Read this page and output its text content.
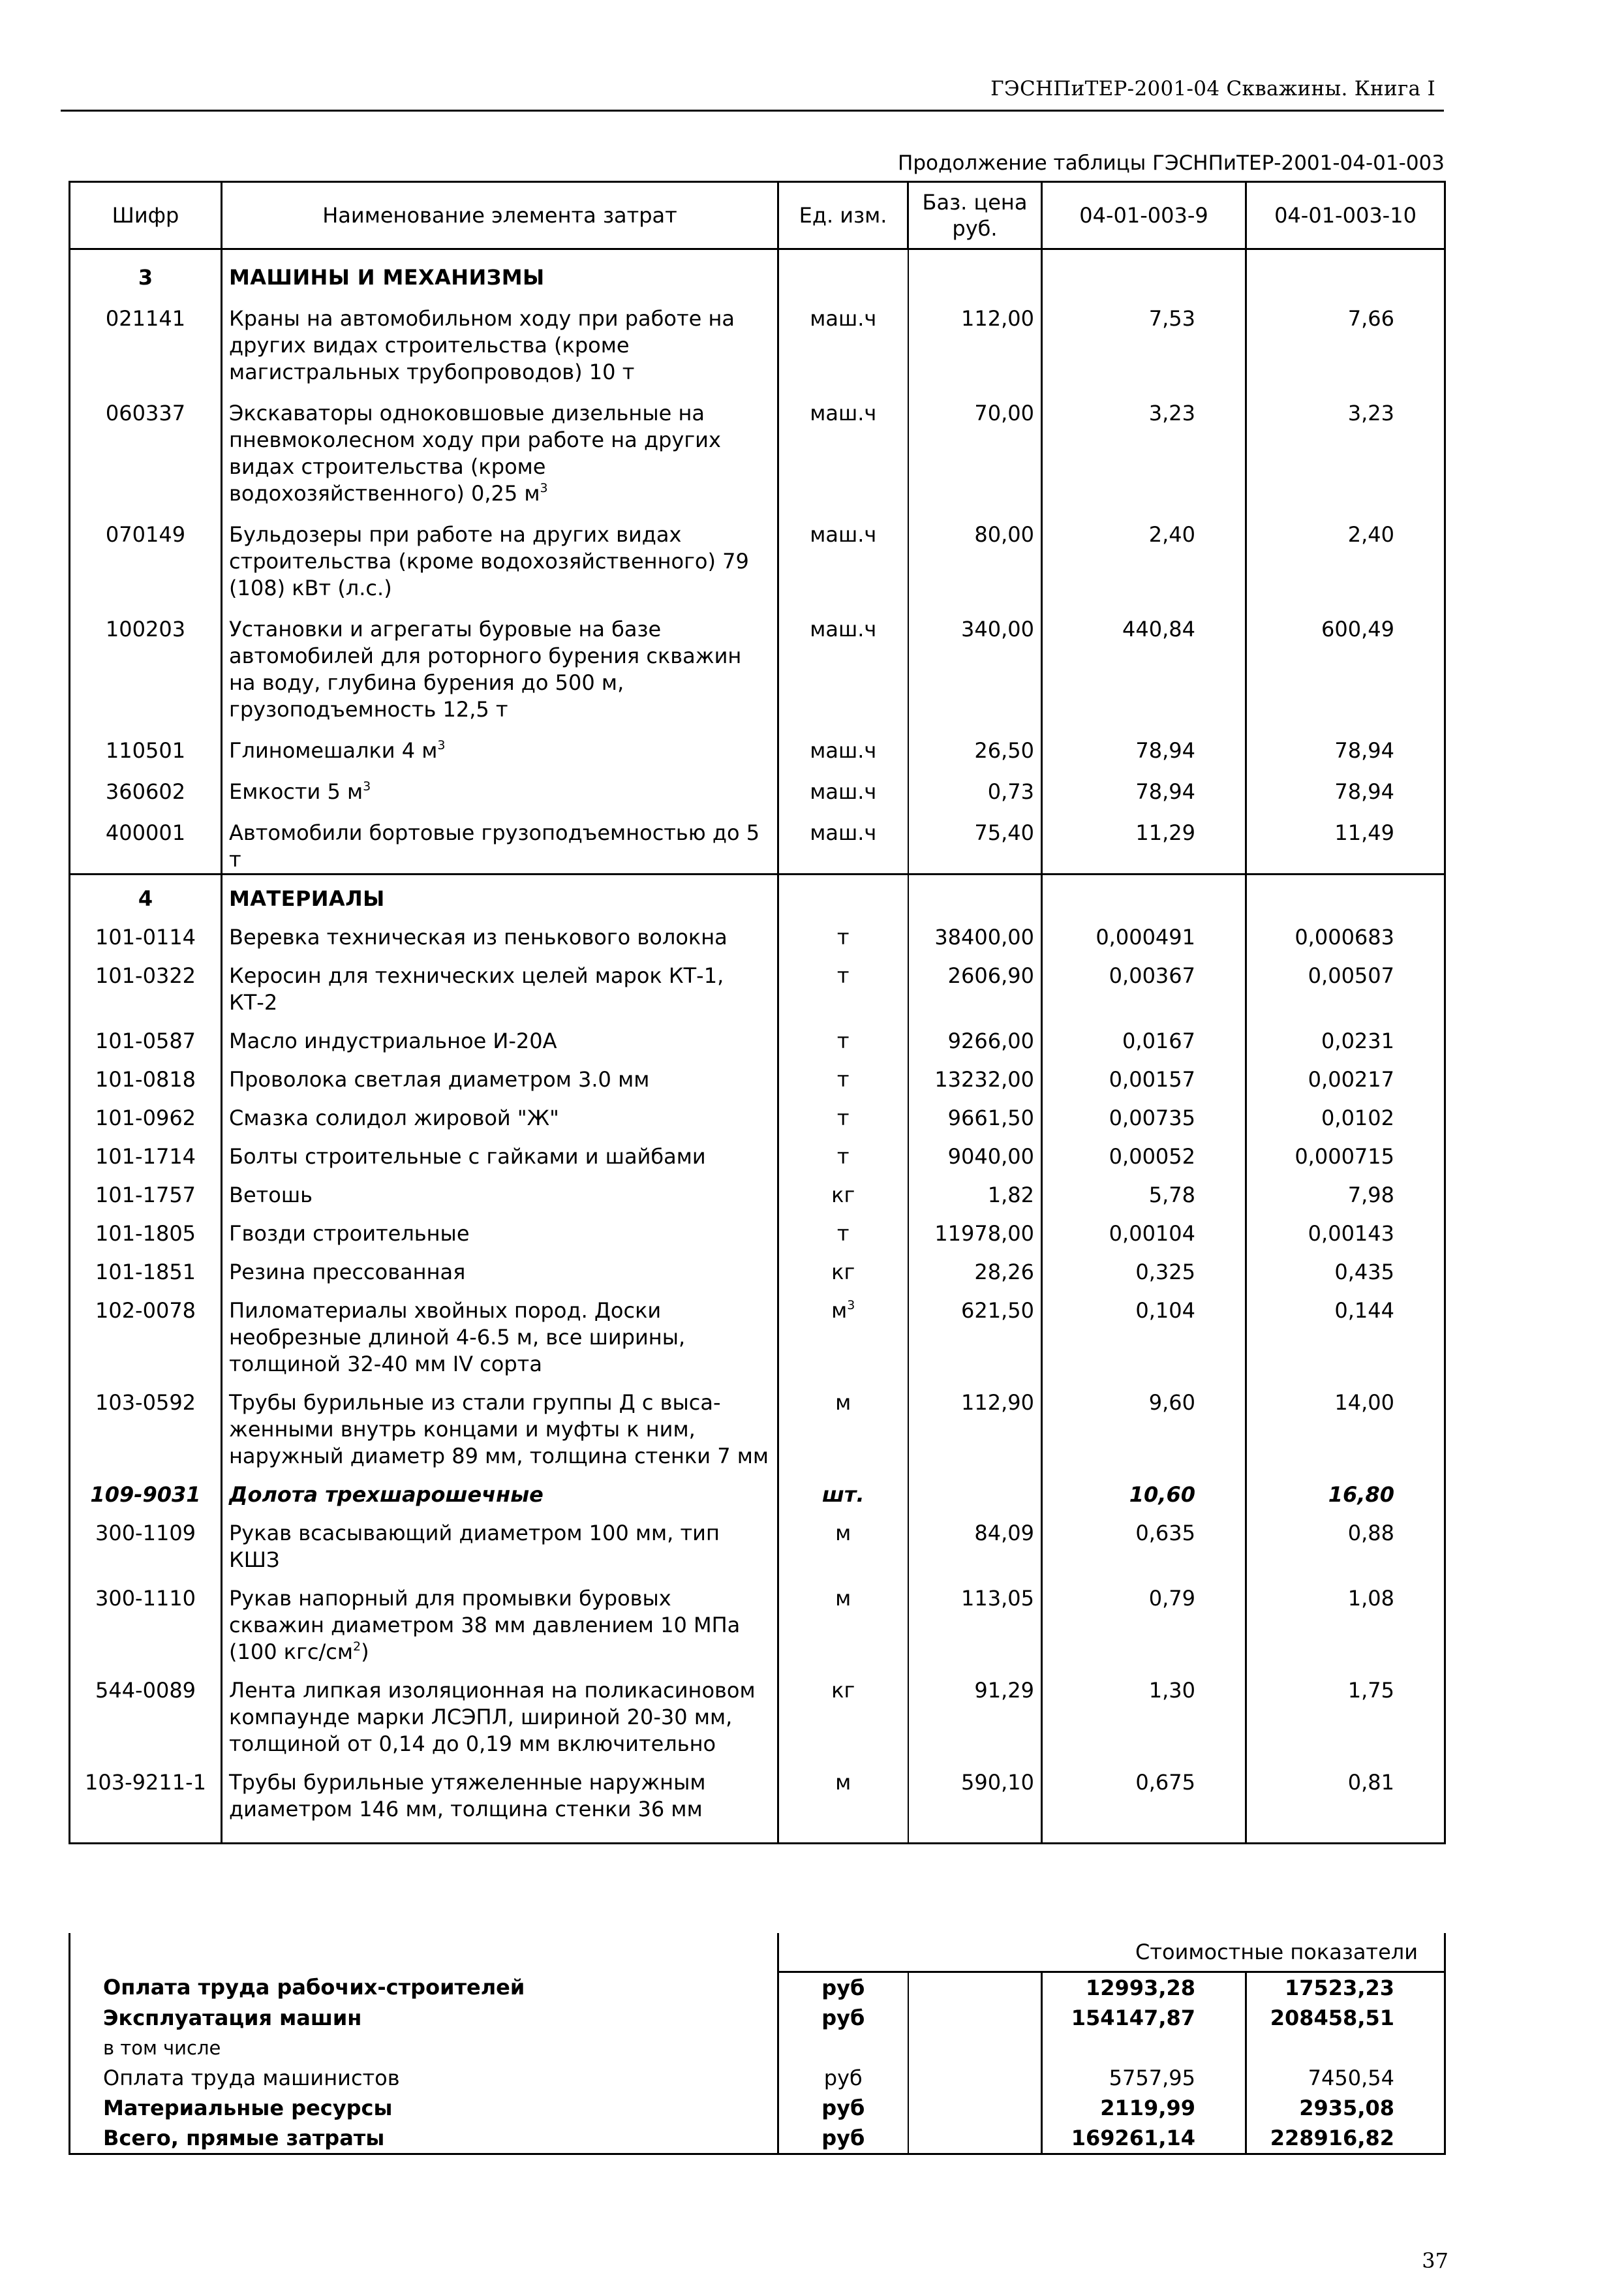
ГЭСНПиТЕР-2001-04 Скважины. Книга I
Продолжение таблицы ГЭСНПиТЕР-2001-04-01-003
Шифр	Наименование элемента затрат	Ед. изм.	Баз. цена руб.	04-01-003-9	04-01-003-10
3	МАШИНЫ И МЕХАНИЗМЫ				
021141	Краны на автомобильном ходу при работе на других видах строительства (кроме магистральных трубопроводов) 10 т	маш.ч	112,00	7,53	7,66
060337	Экскаваторы одноковшовые дизельные на пневмоколесном ходу при работе на других видах строительства (кроме водохозяйственного) 0,25 $м^3$	маш.ч	70,00	3,23	3,23
070149	Бульдозеры при работе на других видах строительства (кроме водохозяйственного) 79 (108) кВт (л.с.)	маш.ч	80,00	2,40	2,40
100203	Установки и агрегаты буровые на базе автомобилей для роторного бурения скважин на воду, глубина бурения до 500 м, грузоподъемность 12,5 т	маш.ч	340,00	440,84	600,49
110501	Глиномешалки 4 $м^3$	маш.ч	26,50	78,94	78,94
360602	Емкости 5 $м^3$	маш.ч	0,73	78,94	78,94
400001	Автомобили бортовые грузоподъемностью до 5 т	маш.ч	75,40	11,29	11,49
4	МАТЕРИАЛЫ				
101-0114	Веревка техническая из пенькового волокна	т	38400,00	0,000491	0,000683
101-0322	Керосин для технических целей марок КТ-1, КТ-2	т	2606,90	0,00367	0,00507
101-0587	Масло индустриальное И-20А	т	9266,00	0,0167	0,0231
101-0818	Проволока светлая диаметром 3.0 мм	т	13232,00	0,00157	0,00217
101-0962	Смазка солидол жировой "Ж"	т	9661,50	0,00735	0,0102
101-1714	Болты строительные с гайками и шайбами	т	9040,00	0,00052	0,000715
101-1757	Ветошь	кг	1,82	5,78	7,98
101-1805	Гвозди строительные	т	11978,00	0,00104	0,00143
101-1851	Резина прессованная	кг	28,26	0,325	0,435
102-0078	Пиломатериалы хвойных пород. Доски необрезные длиной 4-6.5 м, все ширины, толщиной 32-40 мм IV сорта	$м^3$	621,50	0,104	0,144
103-0592	Трубы бурильные из стали группы Д с выса-женными внутрь концами и муфты к ним, наружный диаметр 89 мм, толщина стенки 7 мм	м	112,90	9,60	14,00
109-9031	Долота трехшарошечные	шт.		10,60	16,80
300-1109	Рукав всасывающий диаметром 100 мм, тип КШЗ	м	84,09	0,635	0,88
300-1110	Рукав напорный для промывки буровых скважин диаметром 38 мм давлением 10 МПа (100 кгс/$см^2$)	м	113,05	0,79	1,08
544-0089	Лента липкая изоляционная на поликасиновом компаунде марки ЛСЭПЛ, шириной 20-30 мм, толщиной от 0,14 до 0,19 мм включительно	кг	91,29	1,30	1,75
103-9211-1	Трубы бурильные утяжеленные наружным диаметром 146 мм, толщина стенки 36 мм	м	590,10	0,675	0,81

	Стоимостные показатели			
Оплата труда рабочих-строителей	руб		12993,28	17523,23
Эксплуатация машин	руб		154147,87	208458,51
в том числе				
Оплата труда машинистов	руб		5757,95	7450,54
Материальные ресурсы	руб		2119,99	2935,08
Всего, прямые затраты	руб		169261,14	228916,82
37
